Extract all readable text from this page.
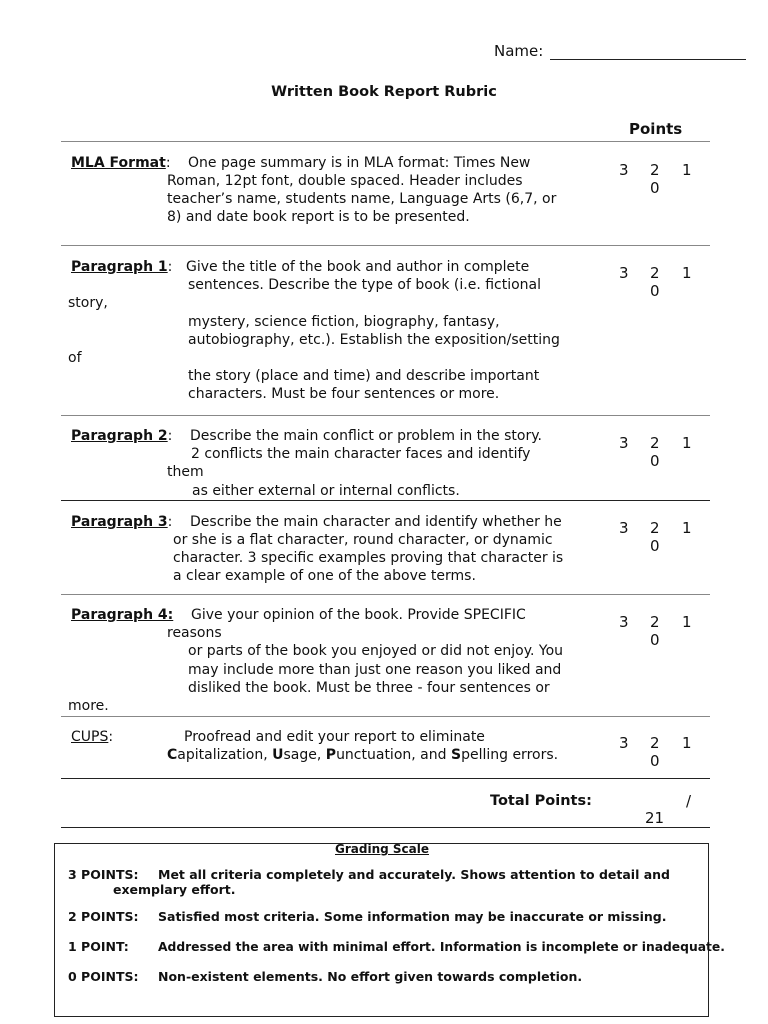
Name:
Written Book Report Rubric
Points
MLA Format: One page summary is in MLA format: Times New
Roman, 12pt font, double spaced. Header includes
teacher’s name, students name, Language Arts (6,7, or
8) and date book report is to be presented.
3 2 1
0
Paragraph 1: Give the title of the book and author in complete
sentences. Describe the type of book (i.e. fictional
story,
mystery, science fiction, biography, fantasy,
autobiography, etc.). Establish the exposition/setting
of
the story (place and time) and describe important
characters. Must be four sentences or more.
3 2 1
0
Paragraph 2: Describe the main conflict or problem in the story.
2 conflicts the main character faces and identify
them
as either external or internal conflicts.
3 2 1
0
Paragraph 3: Describe the main character and identify whether he
or she is a flat character, round character, or dynamic
character. 3 specific examples proving that character is
a clear example of one of the above terms.
3 2 1
0
Paragraph 4: Give your opinion of the book. Provide SPECIFIC
reasons
or parts of the book you enjoyed or did not enjoy. You
may include more than just one reason you liked and
disliked the book. Must be three - four sentences or
more.
3 2 1
0
CUPS:	Proofread and edit your report to eliminate
Capitalization, Usage, Punctuation, and Spelling errors.
3 2 1
0
Total Points:	/
21
Grading Scale
3 POINTS: Met all criteria completely and accurately. Shows attention to detail and
exemplary effort.
2 POINTS: Satisfied most criteria. Some information may be inaccurate or missing.
1 POINT: Addressed the area with minimal effort. Information is incomplete or inadequate.
0 POINTS: Non-existent elements. No effort given towards completion.
